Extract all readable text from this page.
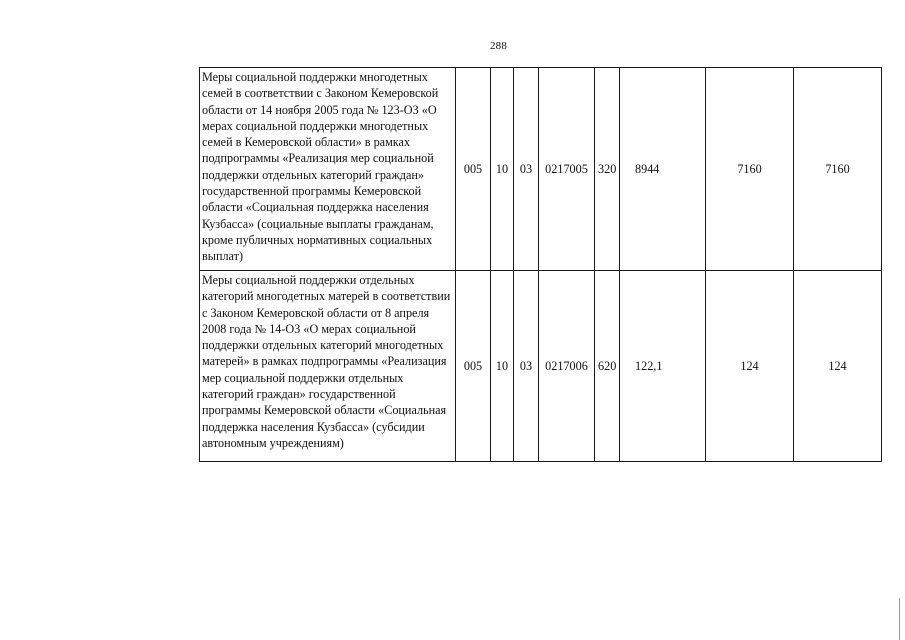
288
Меры социальной поддержки многодетных семей в соответствии с Законом Кемеровской области от 14 ноября 2005 года № 123-ОЗ «О мерах социальной поддержки многодетных семей в Кемеровской области» в рамках подпрограммы «Реализация мер социальной поддержки отдельных категорий граждан» государственной программы Кемеровской области «Социальная поддержка населения Кузбасса» (социальные выплаты гражданам, кроме публичных нормативных социальных выплат)	005	10	03	0217005	320	8944	7160	7160
Меры социальной поддержки отдельных категорий многодетных матерей в соответствии с Законом Кемеровской области от 8 апреля 2008 года № 14-ОЗ «О мерах социальной поддержки отдельных категорий многодетных матерей» в рамках подпрограммы «Реализация мер социальной поддержки отдельных категорий граждан» государственной программы Кемеровской области «Социальная поддержка населения Кузбасса» (субсидии автономным учреждениям)	005	10	03	0217006	620	122,1	124	124
